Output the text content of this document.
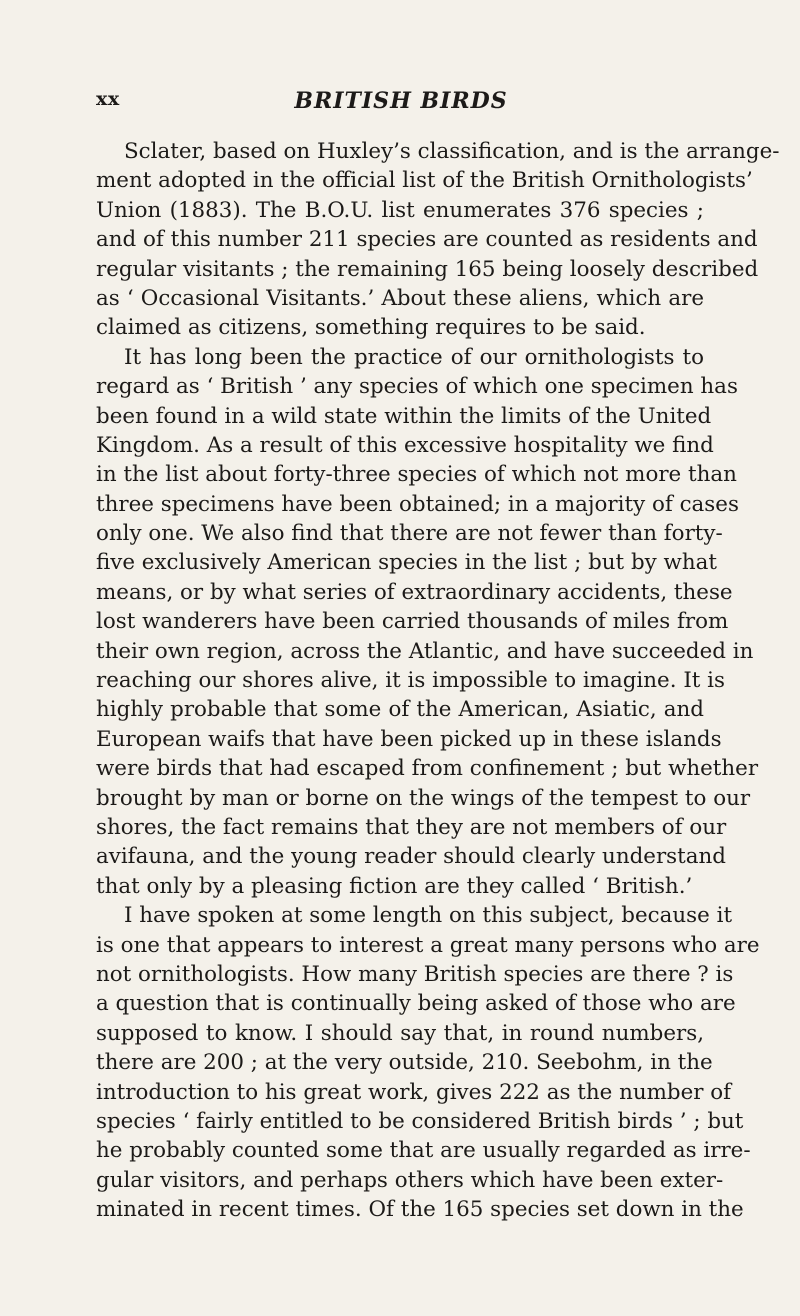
xx	BRITISH BIRDS
Sclater, based on Huxley’s classification, and is the arrange-
ment adopted in the official list of the British Ornithologists’
Union (1883). The B.O.U. list enumerates 376 species ;
and of this number 211 species are counted as residents and
regular visitants ; the remaining 165 being loosely described
as ‘ Occasional Visitants.’ About these aliens, which are
claimed as citizens, something requires to be said.
It has long been the practice of our ornithologists to
regard as ‘ British ’ any species of which one specimen has
been found in a wild state within the limits of the United
Kingdom. As a result of this excessive hospitality we find
in the list about forty-three species of which not more than
three specimens have been obtained; in a majority of cases
only one. We also find that there are not fewer than forty-
five exclusively American species in the list ; but by what
means, or by what series of extraordinary accidents, these
lost wanderers have been carried thousands of miles from
their own region, across the Atlantic, and have succeeded in
reaching our shores alive, it is impossible to imagine. It is
highly probable that some of the American, Asiatic, and
European waifs that have been picked up in these islands
were birds that had escaped from confinement ; but whether
brought by man or borne on the wings of the tempest to our
shores, the fact remains that they are not members of our
avifauna, and the young reader should clearly understand
that only by a pleasing fiction are they called ‘ British.’
I have spoken at some length on this subject, because it
is one that appears to interest a great many persons who are
not ornithologists. How many British species are there ? is
a question that is continually being asked of those who are
supposed to know. I should say that, in round numbers,
there are 200 ; at the very outside, 210. Seebohm, in the
introduction to his great work, gives 222 as the number of
species ‘ fairly entitled to be considered British birds ’ ; but
he probably counted some that are usually regarded as irre-
gular visitors, and perhaps others which have been exter-
minated in recent times. Of the 165 species set down in the
